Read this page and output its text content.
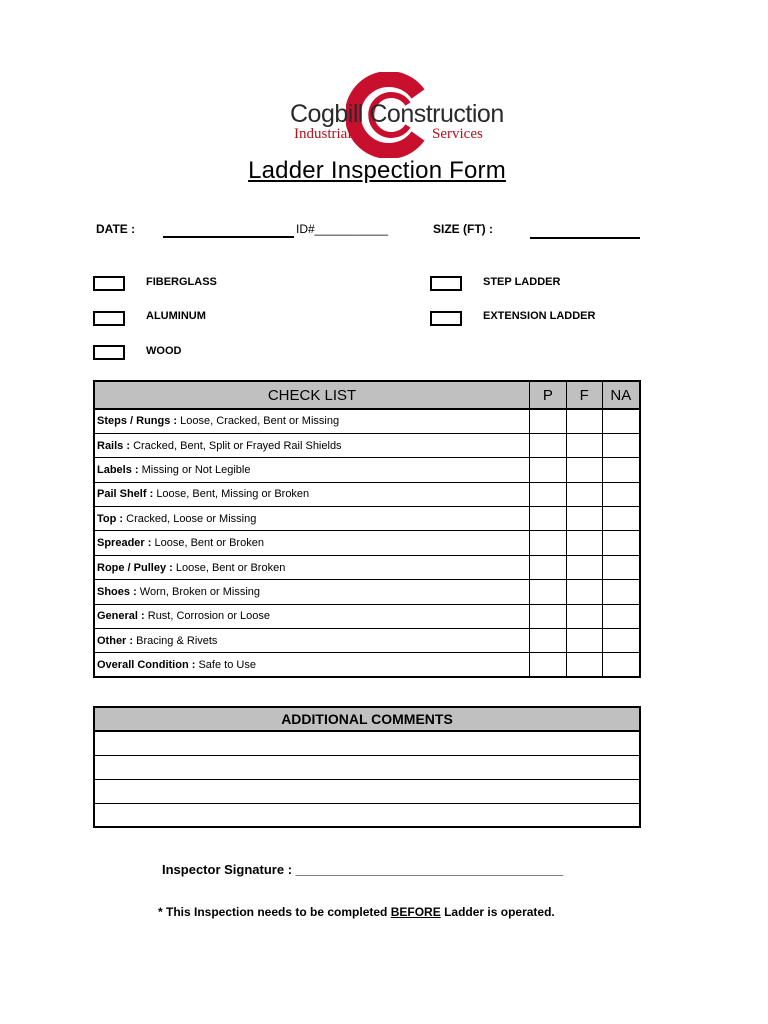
Cogbill Construction
Industrial	Services
Ladder Inspection Form
DATE :	ID#___________	SIZE (FT) :
FIBERGLASS
ALUMINUM
WOOD
STEP LADDER
EXTENSION LADDER
CHECK LIST	P	F	NA
Steps / Rungs : Loose, Cracked, Bent or Missing			
Rails : Cracked, Bent, Split or Frayed Rail Shields			
Labels : Missing or Not Legible			
Pail Shelf : Loose, Bent, Missing or Broken			
Top : Cracked, Loose or Missing			
Spreader : Loose, Bent or Broken			
Rope / Pulley : Loose, Bent or Broken			
Shoes : Worn, Broken or Missing			
General : Rust, Corrosion or Loose			
Other : Bracing & Rivets			
Overall Condition : Safe to Use			
ADDITIONAL COMMENTS

Inspector Signature : _____________________________________
* This Inspection needs to be completed BEFORE Ladder is operated.
